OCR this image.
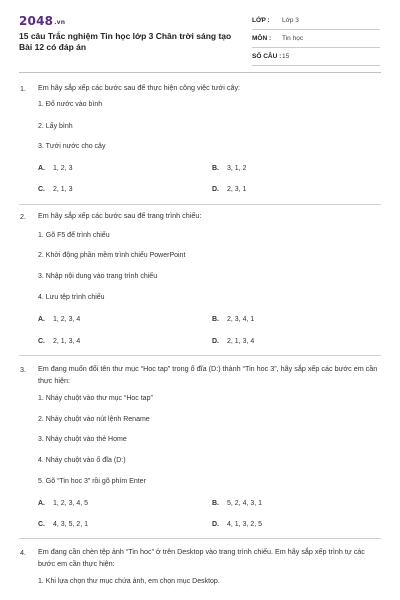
2048.vn
15 câu Trắc nghiệm Tin học lớp 3 Chân trời sáng tạo Bài 12 có đáp án
LỚP :	Lớp 3
MÔN :	Tin học
SỐ CÂU : 15
1. Em hãy sắp xếp các bước sau để thực hiện công việc tưới cây:
1. Đổ nước vào bình
2. Lấy bình
3. Tưới nước cho cây
A. 1, 2, 3	B. 3, 1, 2
C. 2, 1, 3	D. 2, 3, 1
2. Em hãy sắp xếp các bước sau để trang trình chiếu:
1. Gõ F5 để trình chiếu
2. Khởi động phần mềm trình chiếu PowerPoint
3. Nhập nội dung vào trang trình chiếu
4. Lưu tệp trình chiếu
A. 1, 2, 3, 4	B. 2, 3, 4, 1
C. 2, 1, 3, 4	D. 2, 1, 3, 4
3. Em đang muốn đổi tên thư mục “Hoc tap” trong ổ đĩa (D:) thành “Tin hoc 3”, hãy sắp xếp các bước em cần thực hiện:
1. Nháy chuột vào thư mục “Hoc tap”
2. Nháy chuột vào nút lệnh Rename
3. Nháy chuột vào thẻ Home
4. Nháy chuột vào ổ đĩa (D:)
5. Gõ “Tin hoc 3” rồi gõ phím Enter
A. 1, 2, 3, 4, 5	B. 5, 2, 4, 3, 1
C. 4, 3, 5, 2, 1	D. 4, 1, 3, 2, 5
4. Em đang cần chèn tệp ảnh “Tin hoc” ở trên Desktop vào trang trình chiếu. Em hãy sắp xếp trình tự các bước em cần thực hiện:
1. Khi lựa chọn thư mục chứa ảnh, em chọn mục Desktop.
